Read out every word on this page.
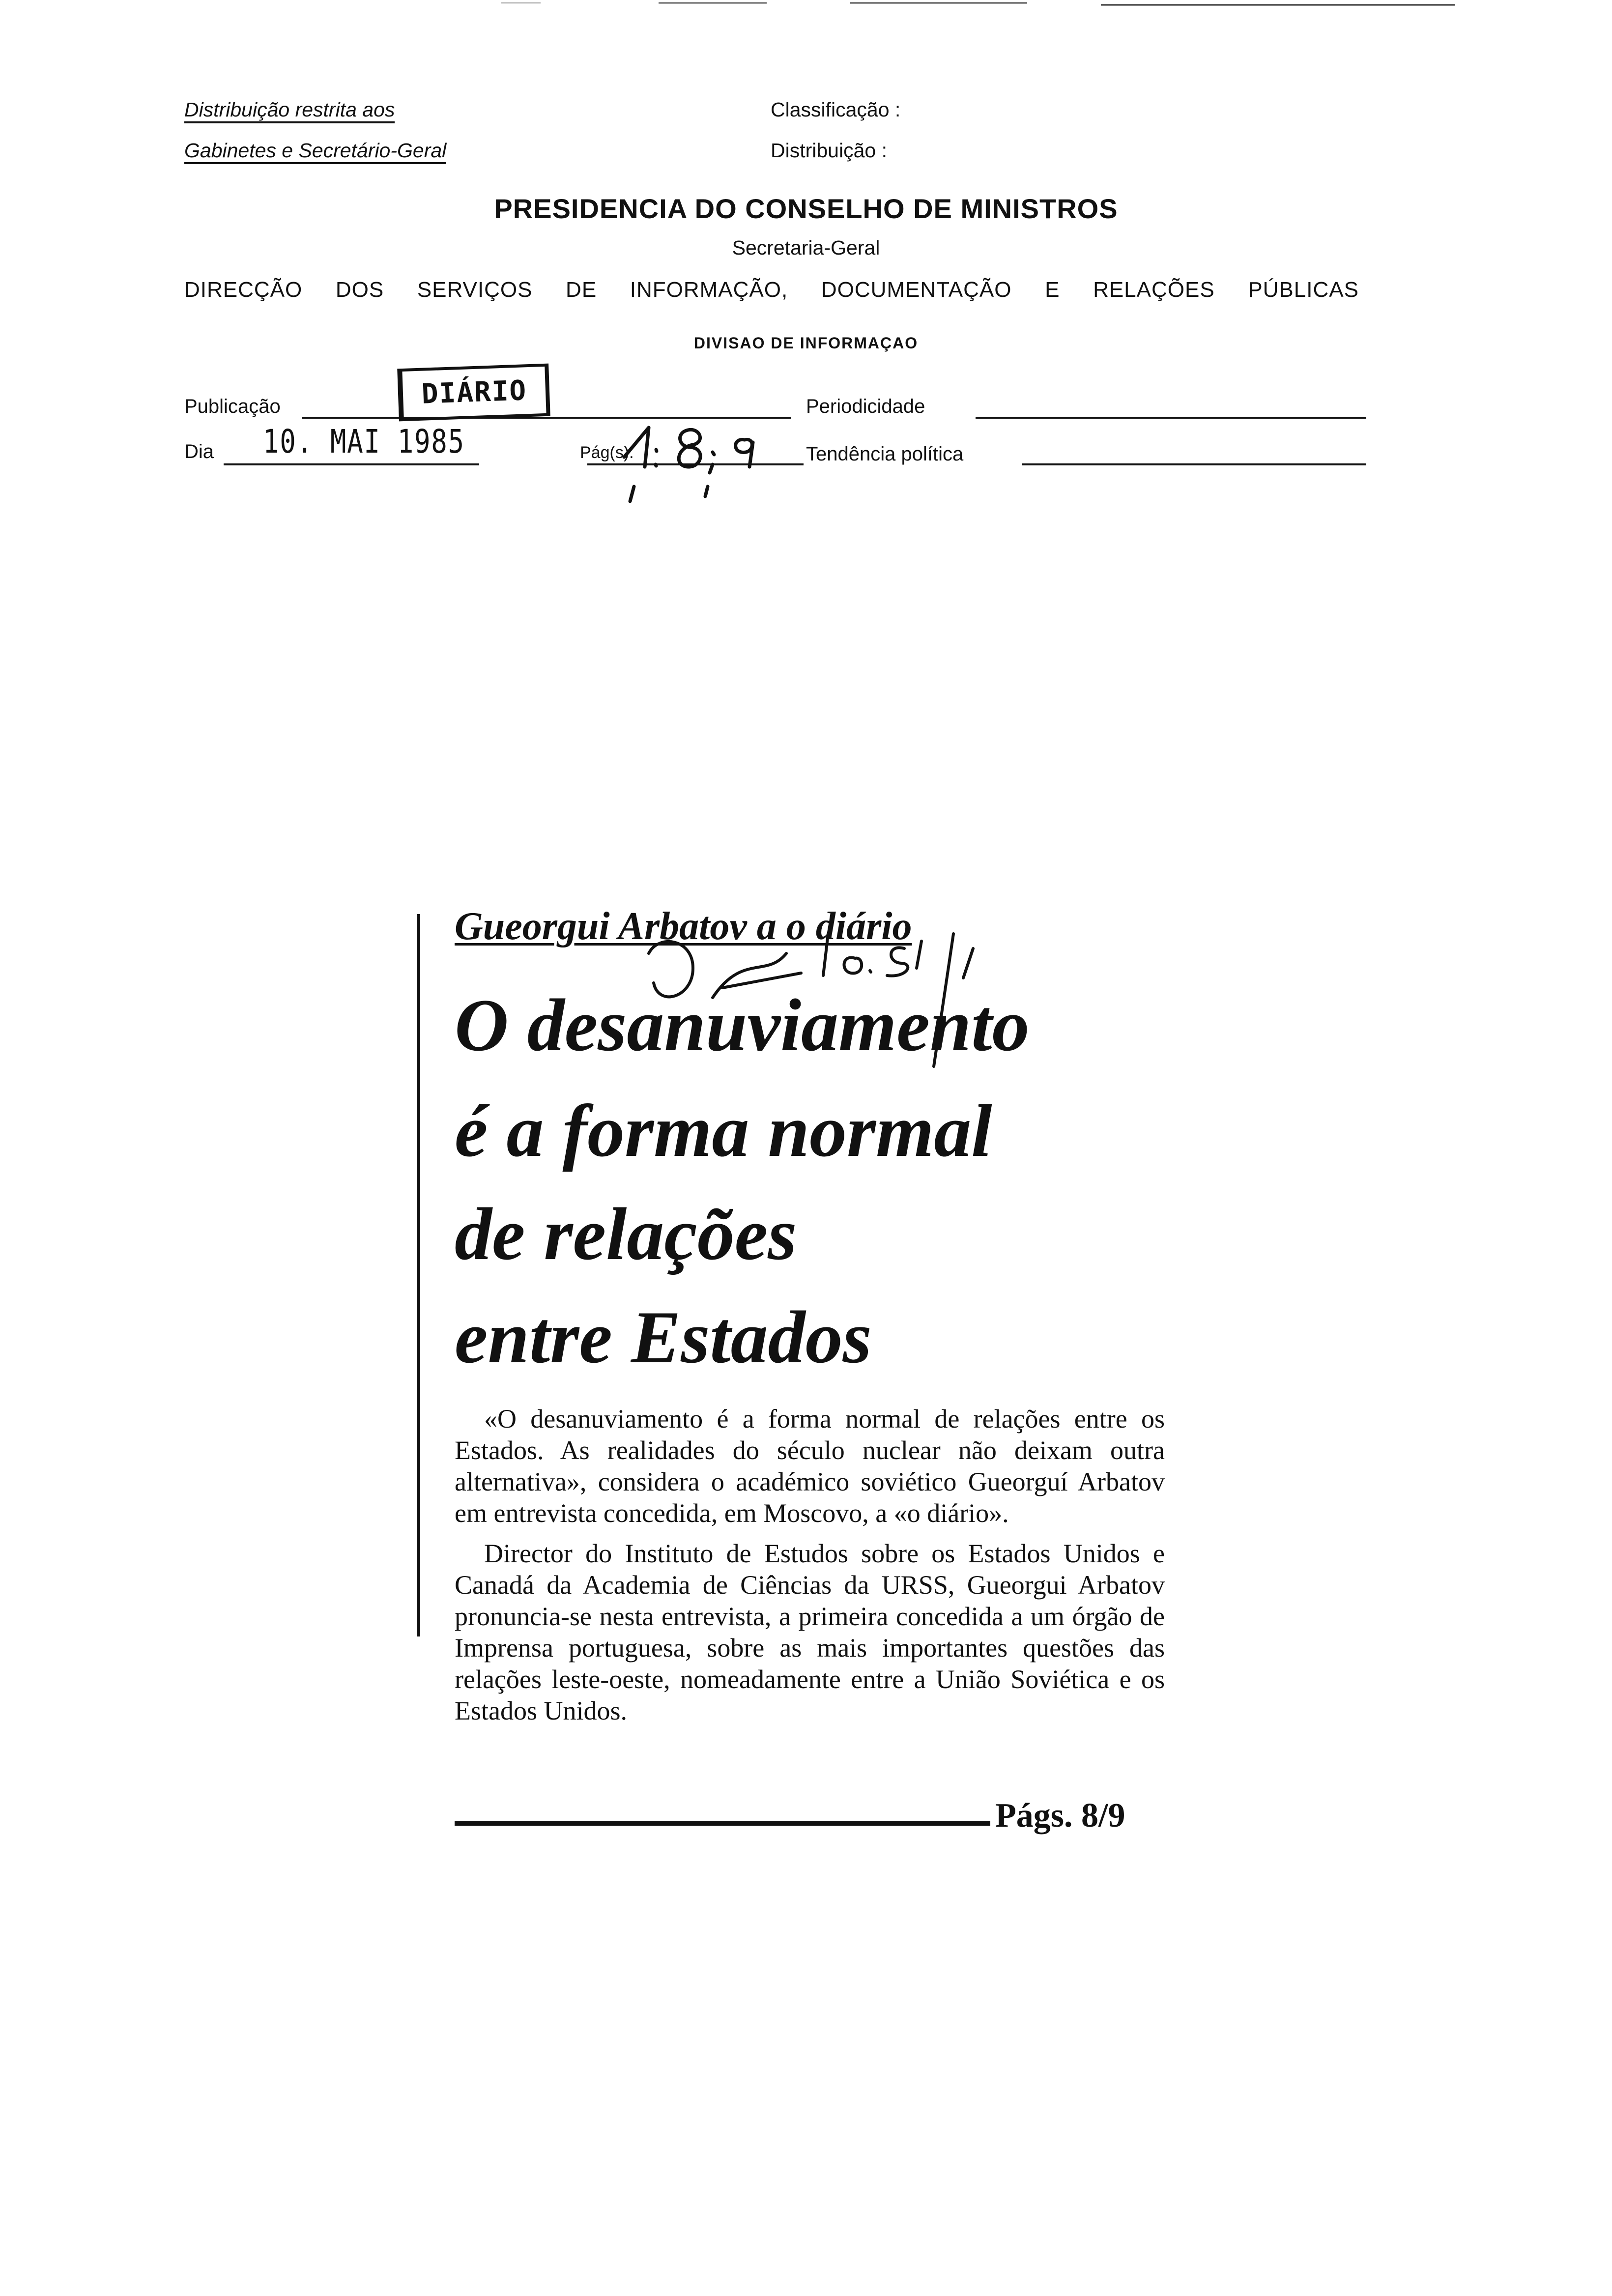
Distribuição restrita aos
Gabinetes e Secretário-Geral
Classificação :
Distribuição :
PRESIDENCIA DO CONSELHO DE MINISTROS
Secretaria-Geral
DIRECÇÃO DOS SERVIÇOS DE INFORMAÇÃO, DOCUMENTAÇÃO E RELAÇÕES PÚBLICAS
DIVISAO DE INFORMAÇAO
Publicação	DIÁRIO	Periodicidade
Dia 10. MAI 1985	Pág(s).	Tendência política
Gueorgui Arbatov a o diário
O desanuviamento
é a forma normal
de relações
entre Estados

«O desanuviamento é a forma normal de relações entre os Estados. As realidades do século nuclear não deixam outra alternativa», considera o académico soviético Gueorguí Arbatov em entrevista concedida, em Moscovo, a «o diário».

Director do Instituto de Estudos sobre os Estados Unidos e Canadá da Academia de Ciências da URSS, Gueorgui Arbatov pronuncia-se nesta entrevista, a primeira concedida a um órgão de Imprensa portuguesa, sobre as mais importantes questões das relações leste-oeste, nomeadamente entre a União Soviética e os Estados Unidos.

Págs. 8/9
